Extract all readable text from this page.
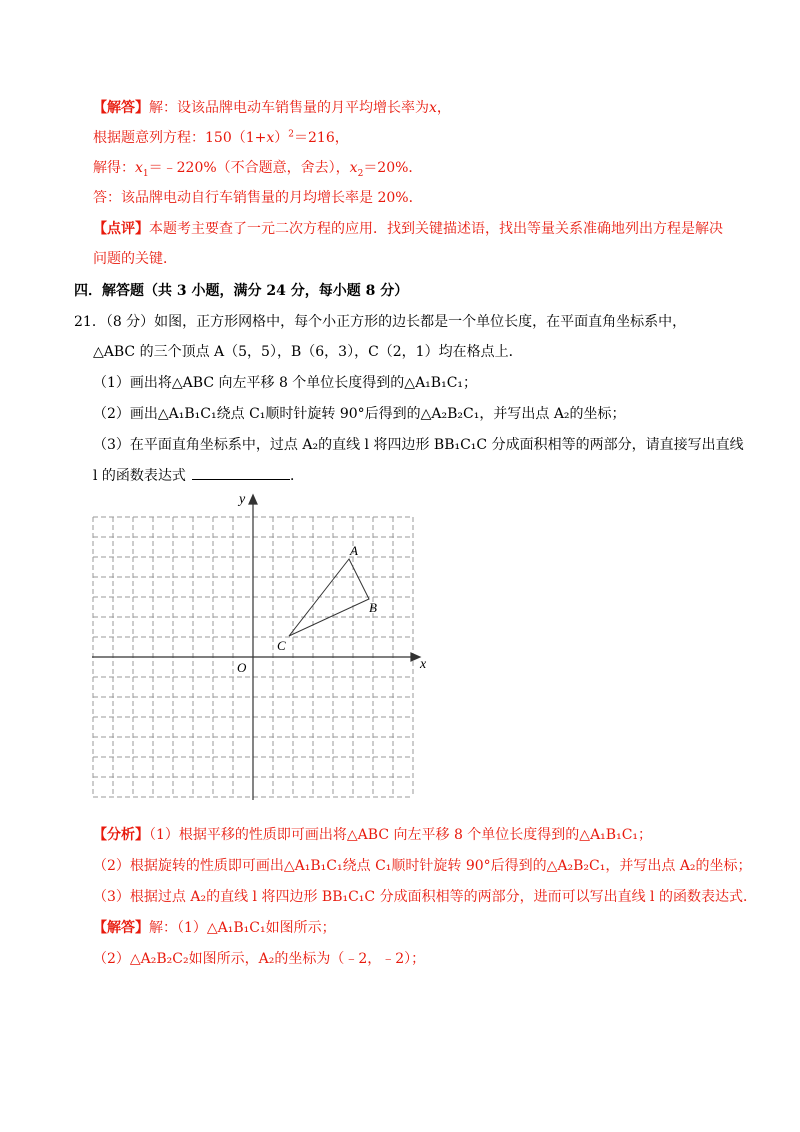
【解答】解：设该品牌电动车销售量的月平均增长率为x，
根据题意列方程：$150(1+x)^2=216$，
解得：$x_1=﹣220\%$（不合题意，舍去），$x_2=20\%$．
答：该品牌电动自行车销售量的月均增长率是 20%．
【点评】本题考主要查了一元二次方程的应用．找到关键描述语，找出等量关系准确地列出方程是解决
问题的关键．
四．解答题（共 3 小题，满分 24 分，每小题 8 分）
21．（8 分）如图，正方形网格中，每个小正方形的边长都是一个单位长度，在平面直角坐标系中，
△ABC 的三个顶点 A（5，5），B（6，3），C（2，1）均在格点上．
（1）画出将△ABC 向左平移 8 个单位长度得到的△A₁B₁C₁；
（2）画出△A₁B₁C₁绕点 C₁顺时针旋转 90°后得到的△A₂B₂C₁，并写出点 A₂的坐标；
（3）在平面直角坐标系中，过点 A₂的直线 l 将四边形 BB₁C₁C 分成面积相等的两部分，请直接写出直线
l 的函数表达式	．
x
y
O
A
B
C
【分析】（1）根据平移的性质即可画出将△ABC 向左平移 8 个单位长度得到的△A₁B₁C₁；
（2）根据旋转的性质即可画出△A₁B₁C₁绕点 C₁顺时针旋转 90°后得到的△A₂B₂C₁，并写出点 A₂的坐标；
（3）根据过点 A₂的直线 l 将四边形 BB₁C₁C 分成面积相等的两部分，进而可以写出直线 l 的函数表达式．
【解答】解：（1）△A₁B₁C₁如图所示；
（2）△A₂B₂C₂如图所示，A₂的坐标为（﹣2，﹣2）；
